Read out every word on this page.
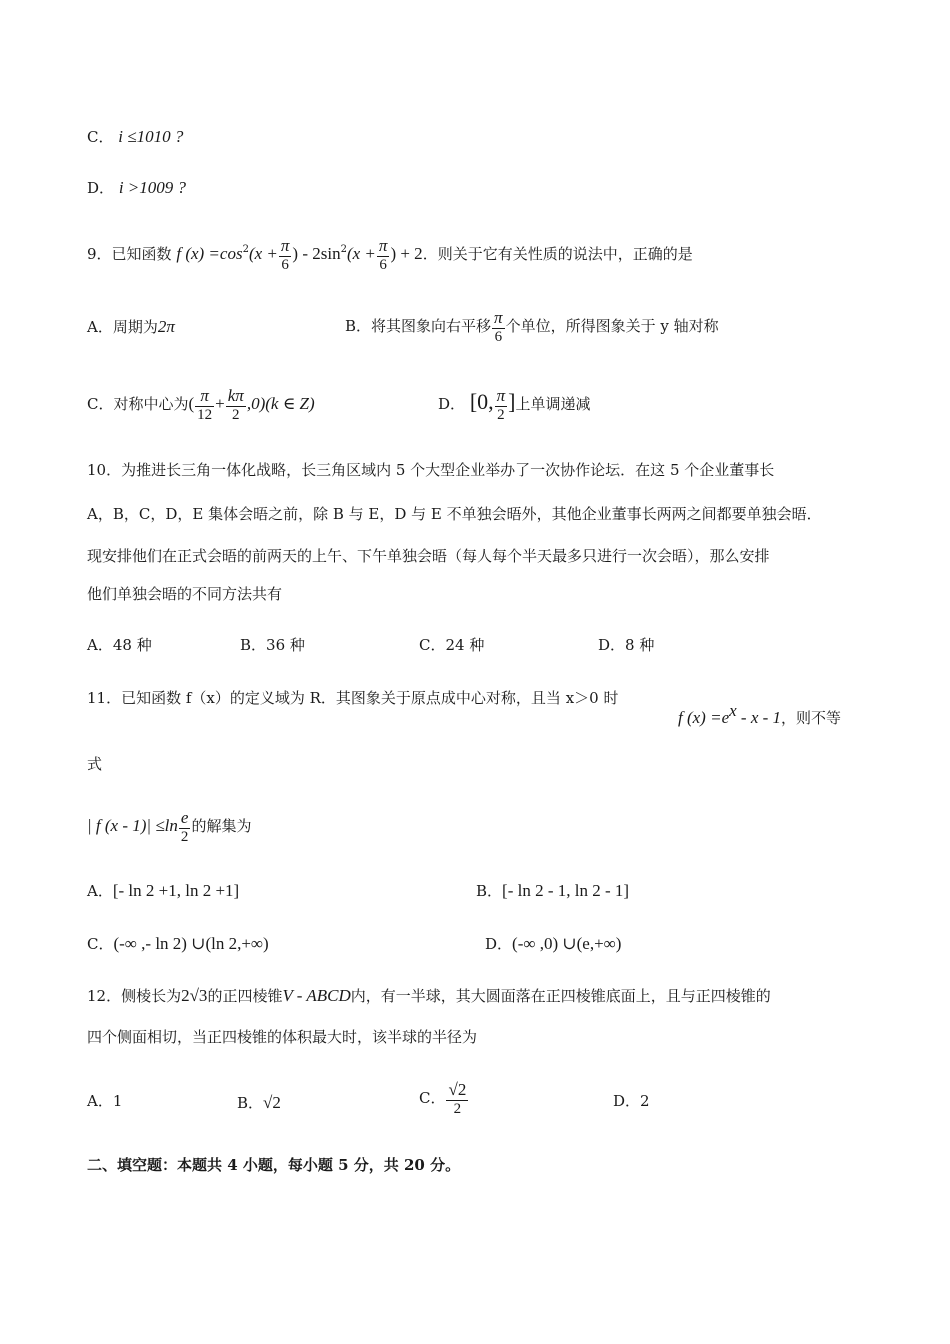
C． i ≤1010 ?
D． i >1009 ?
9．已知函数 f $(x) =\cos^2(x + \frac{\pi}{6}$ ) - $2\sin^2(x + \frac{\pi}{6}$ ) + 2．则关于它有关性质的说法中，正确的是
A．周期为2π	B．将其图象向右平移 $\frac{\pi}{6}$ 个单位，所得图象关于 y 轴对称
C．对称中心为( $\frac{\pi}{12} + \frac{k\pi}{2} ,0)(k$ ∈ Z)	D． [0, $\frac{\pi}{2}$ ]上单调递减
10．为推进长三角一体化战略，长三角区域内 5 个大型企业举办了一次协作论坛．在这 5 个企业董事长
A，B，C，D，E 集体会晤之前，除 B 与 E，D 与 E 不单独会晤外，其他企业董事长两两之间都要单独会晤．
现安排他们在正式会晤的前两天的上午、下午单独会晤（每人每个半天最多只进行一次会晤），那么安排
他们单独会晤的不同方法共有
A．48 种	B．36 种	C．24 种	D．8 种
11．已知函数 f（x）的定义域为 R．其图象关于原点成中心对称，且当 x＞0 时
f $(x) =e^x - x - 1$，则不等
式
| f $(x - 1)| \le\ln \frac{e}{2}$ 的解集为
A．[- ln 2 +1, ln 2 +1]	B．[- ln 2 - 1, ln 2 - 1]
C．(-∞ ,- ln 2) ∪(ln 2,+∞)	D．(-∞ ,0) ∪(e,+∞)
12．侧棱长为2√3的正四棱锥V - ABCD内，有一半球，其大圆面落在正四棱锥底面上，且与正四棱锥的
四个侧面相切，当正四棱锥的体积最大时，该半球的半径为
A．1	B．√2	C． $\frac{√2}{2}$	D．2
二、填空题：本题共 4 小题，每小题 5 分，共 20 分。
